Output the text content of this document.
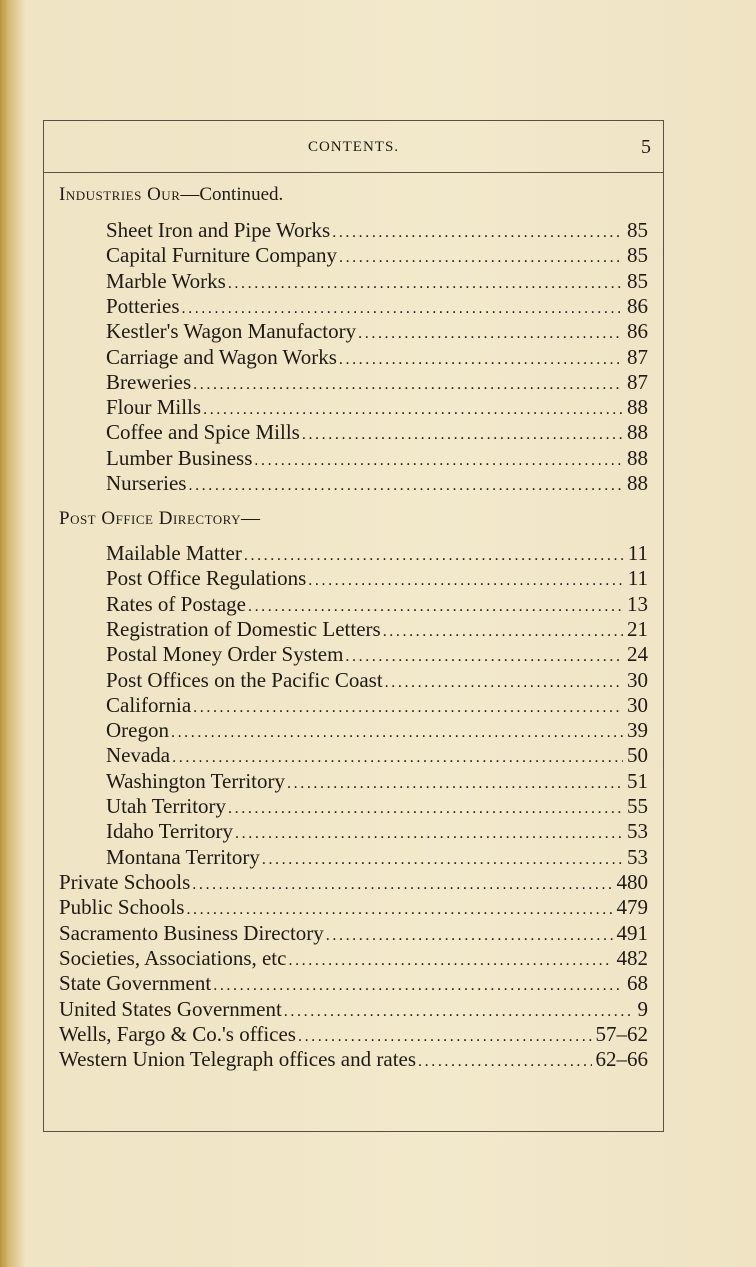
CONTENTS.	5
Industries Our—Continued.
Sheet Iron and Pipe Works .....	85
Capital Furniture Company .....	85
Marble Works .....	85
Potteries .....	86
Kestler's Wagon Manufactory .....	86
Carriage and Wagon Works .....	87
Breweries .....	87
Flour Mills .....	88
Coffee and Spice Mills .....	88
Lumber Business .....	88
Nurseries .....	88
Post Office Directory—
Mailable Matter .....	11
Post Office Regulations .....	11
Rates of Postage .....	13
Registration of Domestic Letters .....	21
Postal Money Order System .....	24
Post Offices on the Pacific Coast .....	30
California .....	30
Oregon .....	39
Nevada .....	50
Washington Territory .....	51
Utah Territory .....	55
Idaho Territory .....	53
Montana Territory .....	53
Private Schools .....	480
Public Schools .....	479
Sacramento Business Directory .....	491
Societies, Associations, etc .....	482
State Government .....	68
United States Government .....	9
Wells, Fargo & Co.'s offices .....	57–62
Western Union Telegraph offices and rates .....	62–66
